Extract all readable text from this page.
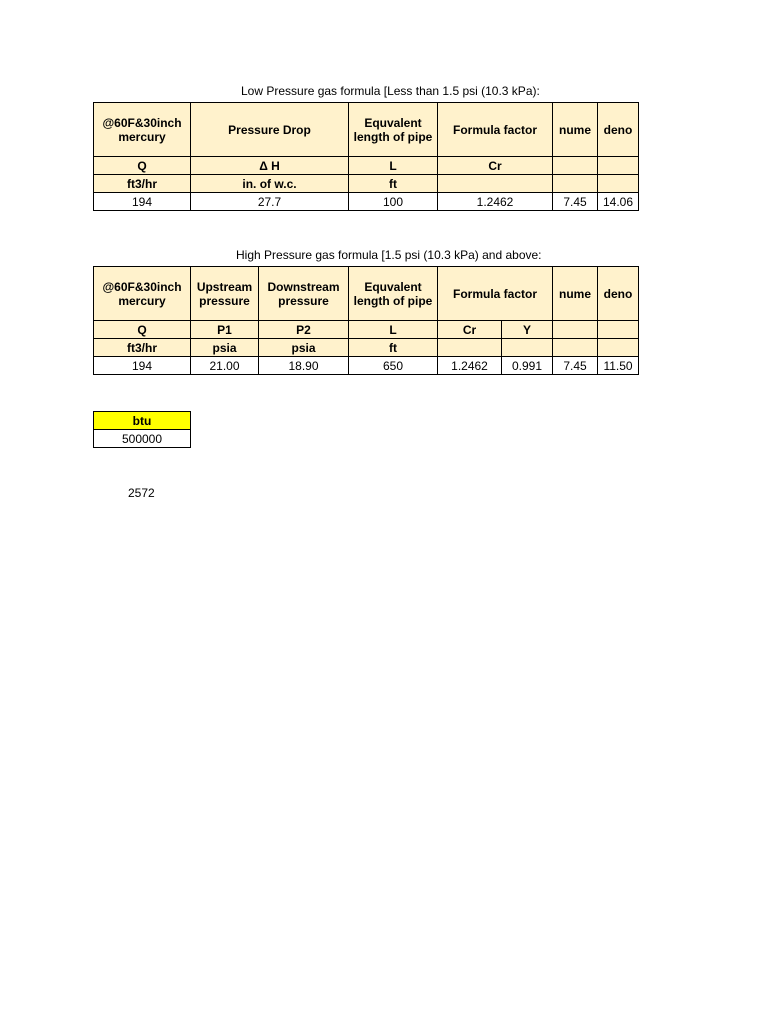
Low Pressure gas formula [Less than 1.5 psi (10.3 kPa):
@60F&30inch mercury	Pressure Drop	Equvalent length of pipe	Formula factor	nume	deno
Q	Δ H	L	Cr		
ft3/hr	in. of w.c.	ft			
194	27.7	100	1.2462	7.45	14.06
High Pressure gas formula [1.5 psi (10.3 kPa) and above:
@60F&30inch mercury	Upstream pressure	Downstream pressure	Equvalent length of pipe	Formula factor		nume	deno
Q	P1	P2	L	Cr	Y		
ft3/hr	psia	psia	ft				
194	21.00	18.90	650	1.2462	0.991	7.45	11.50
btu
500000
2572
